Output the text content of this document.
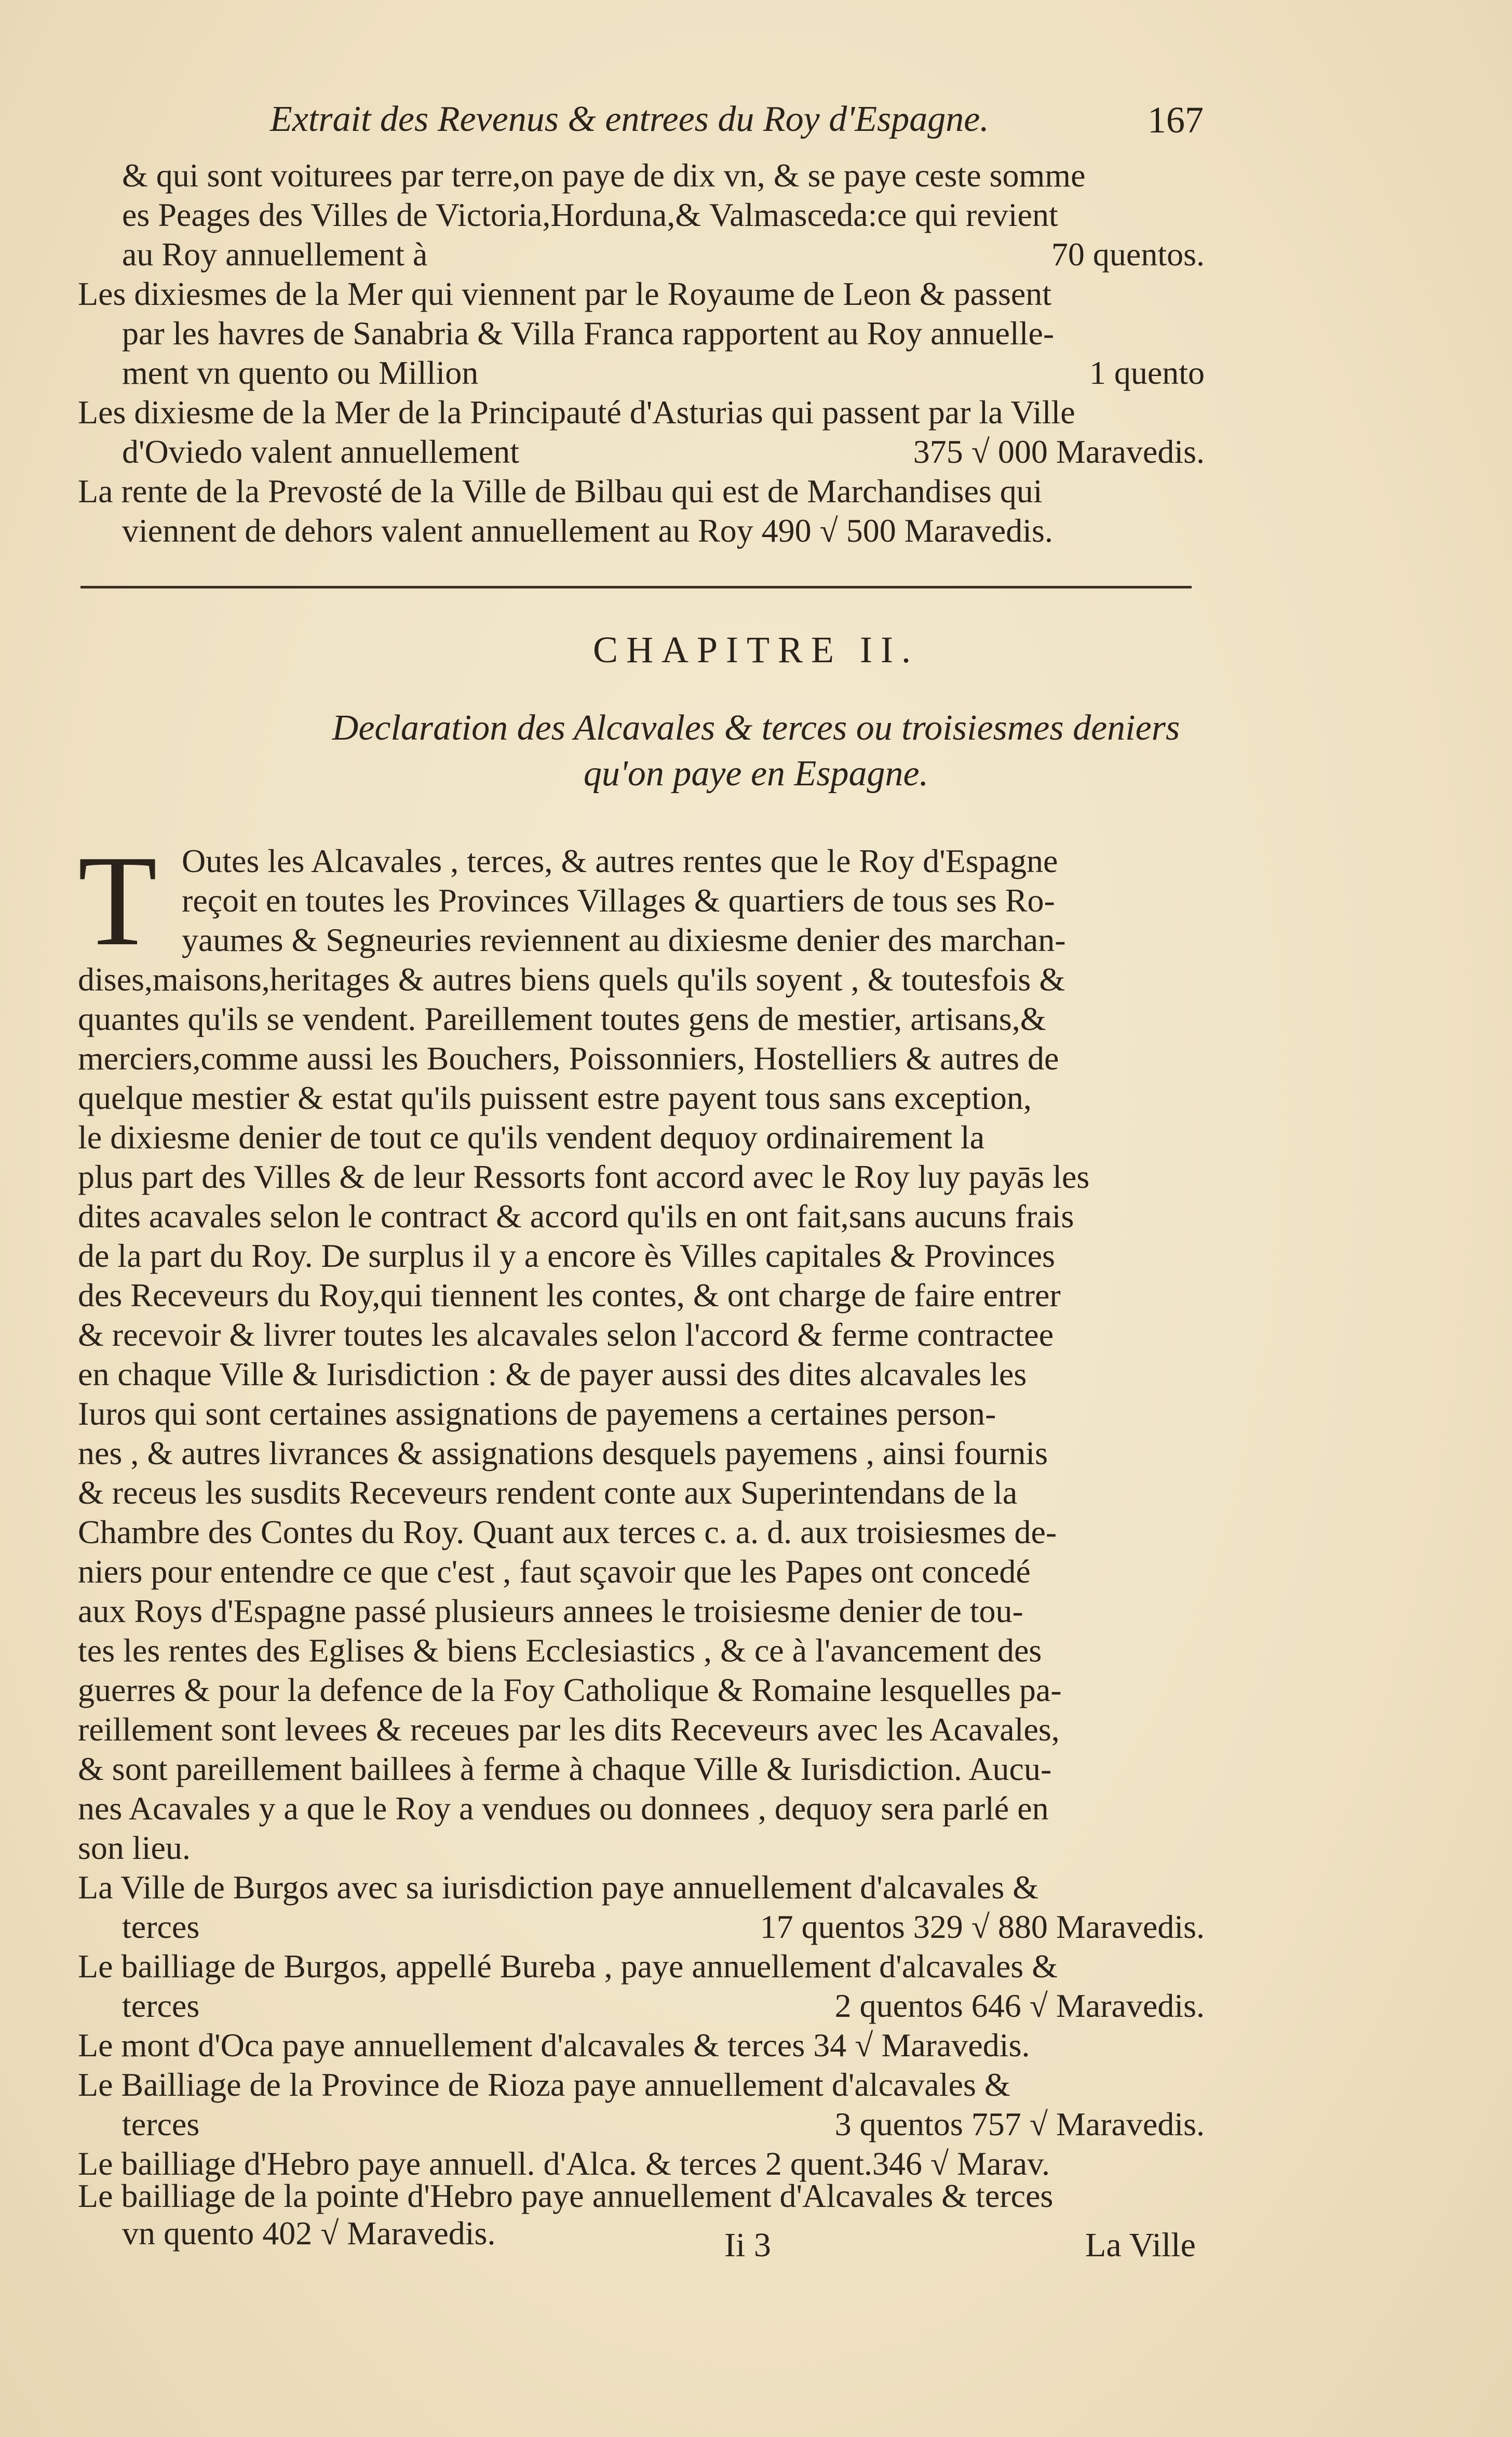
Extrait des Revenus & entrees du Roy d'Espagne.	167
& qui sont voiturees par terre,on paye de dix vn, & se paye ceste somme
es Peages des Villes de Victoria,Hordunа,& Valmasceda:ce qui revient
au Roy annuellement à	70 quentos.
Les dixiesmes de la Mer qui viennent par le Royaume de Leon & passent
par les havres de Sanabria & Villa Franca rapportent au Roy annuelle-
ment vn quento ou Million	1 quento
Les dixiesme de la Mer de la Principauté d'Asturias qui passent par la Ville
d'Oviedo valent annuellement	375 √ 000 Maravedis.
La rente de la Prevosté de la Ville de Bilbau qui est de Marchandises qui
viennent de dehors valent annuellement au Roy 490 √ 500 Maravedis.
CHAPITRE II.
Declaration des Alcavales & terces ou troisiesmes deniers
qu'on paye en Espagne.
T Outes les Alcavales , terces, & autres rentes que le Roy d'Espagne
reçoit en toutes les Provinces Villages & quartiers de tous ses Ro-
yaumes & Segneuries reviennent au dixiesme denier des marchan-
dises,maisons,heritages & autres biens quels qu'ils soyent , & toutesfois &
quantes qu'ils se vendent. Pareillement toutes gens de mestier, artisans,&
merciers,comme aussi les Bouchers, Poissonniers, Hostelliers & autres de
quelque mestier & estat qu'ils puissent estre payent tous sans exception,
le dixiesme denier de tout ce qu'ils vendent dequoy ordinairement la
plus part des Villes & de leur Ressorts font accord avec le Roy luy payās les
dites acavales selon le contract & accord qu'ils en ont fait,sans aucuns frais
de la part du Roy. De surplus il y a encore ès Villes capitales & Provinces
des Receveurs du Roy,qui tiennent les contes, & ont charge de faire entrer
& recevoir & livrer toutes les alcavales selon l'accord & ferme contractee
en chaque Ville & Iurisdiction : & de payer aussi des dites alcavales les
Iuros qui sont certaines assignations de payemens a certaines person-
nes , & autres livrances & assignations desquels payemens , ainsi fournis
& receus les susdits Receveurs rendent conte aux Superintendans de la
Chambre des Contes du Roy. Quant aux terces c. a. d. aux troisiesmes de-
niers pour entendre ce que c'est , faut sçavoir que les Papes ont concedé
aux Roys d'Espagne passé plusieurs annees le troisiesme denier de tou-
tes les rentes des Eglises & biens Ecclesiastics , & ce à l'avancement des
guerres & pour la defence de la Foy Catholique & Romaine lesquelles pa-
reillement sont levees & receues par les dits Receveurs avec les Acavales,
& sont pareillement baillees à ferme à chaque Ville & Iurisdiction. Aucu-
nes Acavales y a que le Roy a vendues ou donnees , dequoy sera parlé en
son lieu.
La Ville de Burgos avec sa iurisdiction paye annuellement d'alcavales &
terces	17 quentos 329 √ 880 Maravedis.
Le bailliage de Burgos, appellé Bureba , paye annuellement d'alcavales &
terces	2 quentos 646 √ Maravedis.
Le mont d'Oca paye annuellement d'alcavales & terces 34 √ Maravedis.
Le Bailliage de la Province de Rioza paye annuellement d'alcavales &
terces	3 quentos 757 √ Maravedis.
Le bailliage d'Hebro paye annuell. d'Alca. & terces 2 quent.346 √ Marav.
Le bailliage de la pointe d'Hebro paye annuellement d'Alcavales & terces
vn quento 402 √ Maravedis.	Ii 3	La Ville
